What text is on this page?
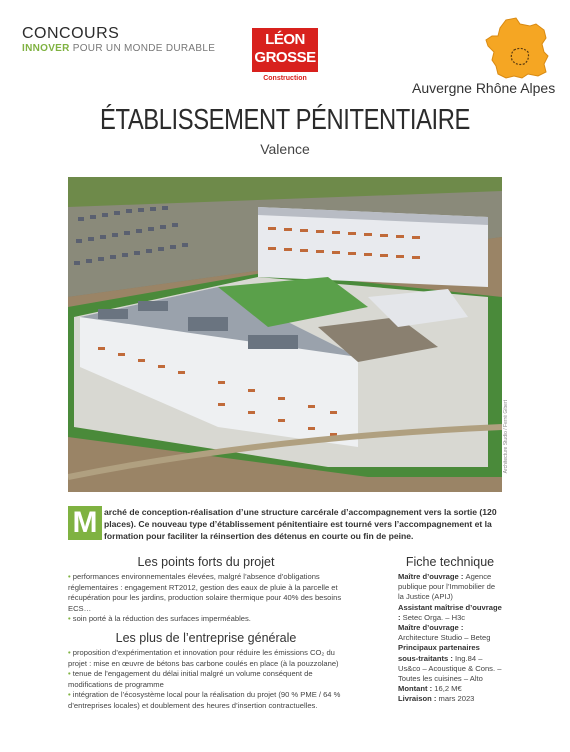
CONCOURS
INNOVER POUR UN MONDE DURABLE
LÉON
GROSSE
Construction
Auvergne Rhône Alpes
ÉTABLISSEMENT PÉNITENTIAIRE
Valence
Architecture Studio / Ferré Gibert
M arché de conception-réalisation d’une structure carcérale d’accompagnement vers la sortie (120 places). Ce nouveau type d’établissement pénitentiaire est tourné vers l’accompagnement et la formation pour faciliter la réinsertion des détenus en courte ou fin de peine.
Les points forts du projet
• performances environnementales élevées, malgré l’absence d’obligations réglementaires : engagement RT2012, gestion des eaux de pluie à la parcelle et récupération pour les jardins, production solaire thermique pour 40% des besoins ECS…
• soin porté à la réduction des surfaces imperméables.
Les plus de l’entreprise générale
• proposition d’expérimentation et innovation pour réduire les émissions CO₂ du projet : mise en œuvre de bétons bas carbone coulés en place (à la pouzzolane)
• tenue de l’engagement du délai initial malgré un volume conséquent de modifications de programme
• intégration de l’écosystème local pour la réalisation du projet (90 % PME / 64 % d’entreprises locales) et doublement des heures d’insertion contractuelles.
Fiche technique
Maître d’ouvrage : Agence publique pour l’Immobilier de la Justice (APIJ)
Assistant maîtrise d’ouvrage : Setec Orga. – H3c
Maître d’ouvrage : Architecture Studio – Beteg
Principaux partenaires sous-traitants : Ing.84 – Us&co – Acoustique & Cons. – Toutes les cuisines – Alto
Montant : 16,2 M€
Livraison : mars 2023
